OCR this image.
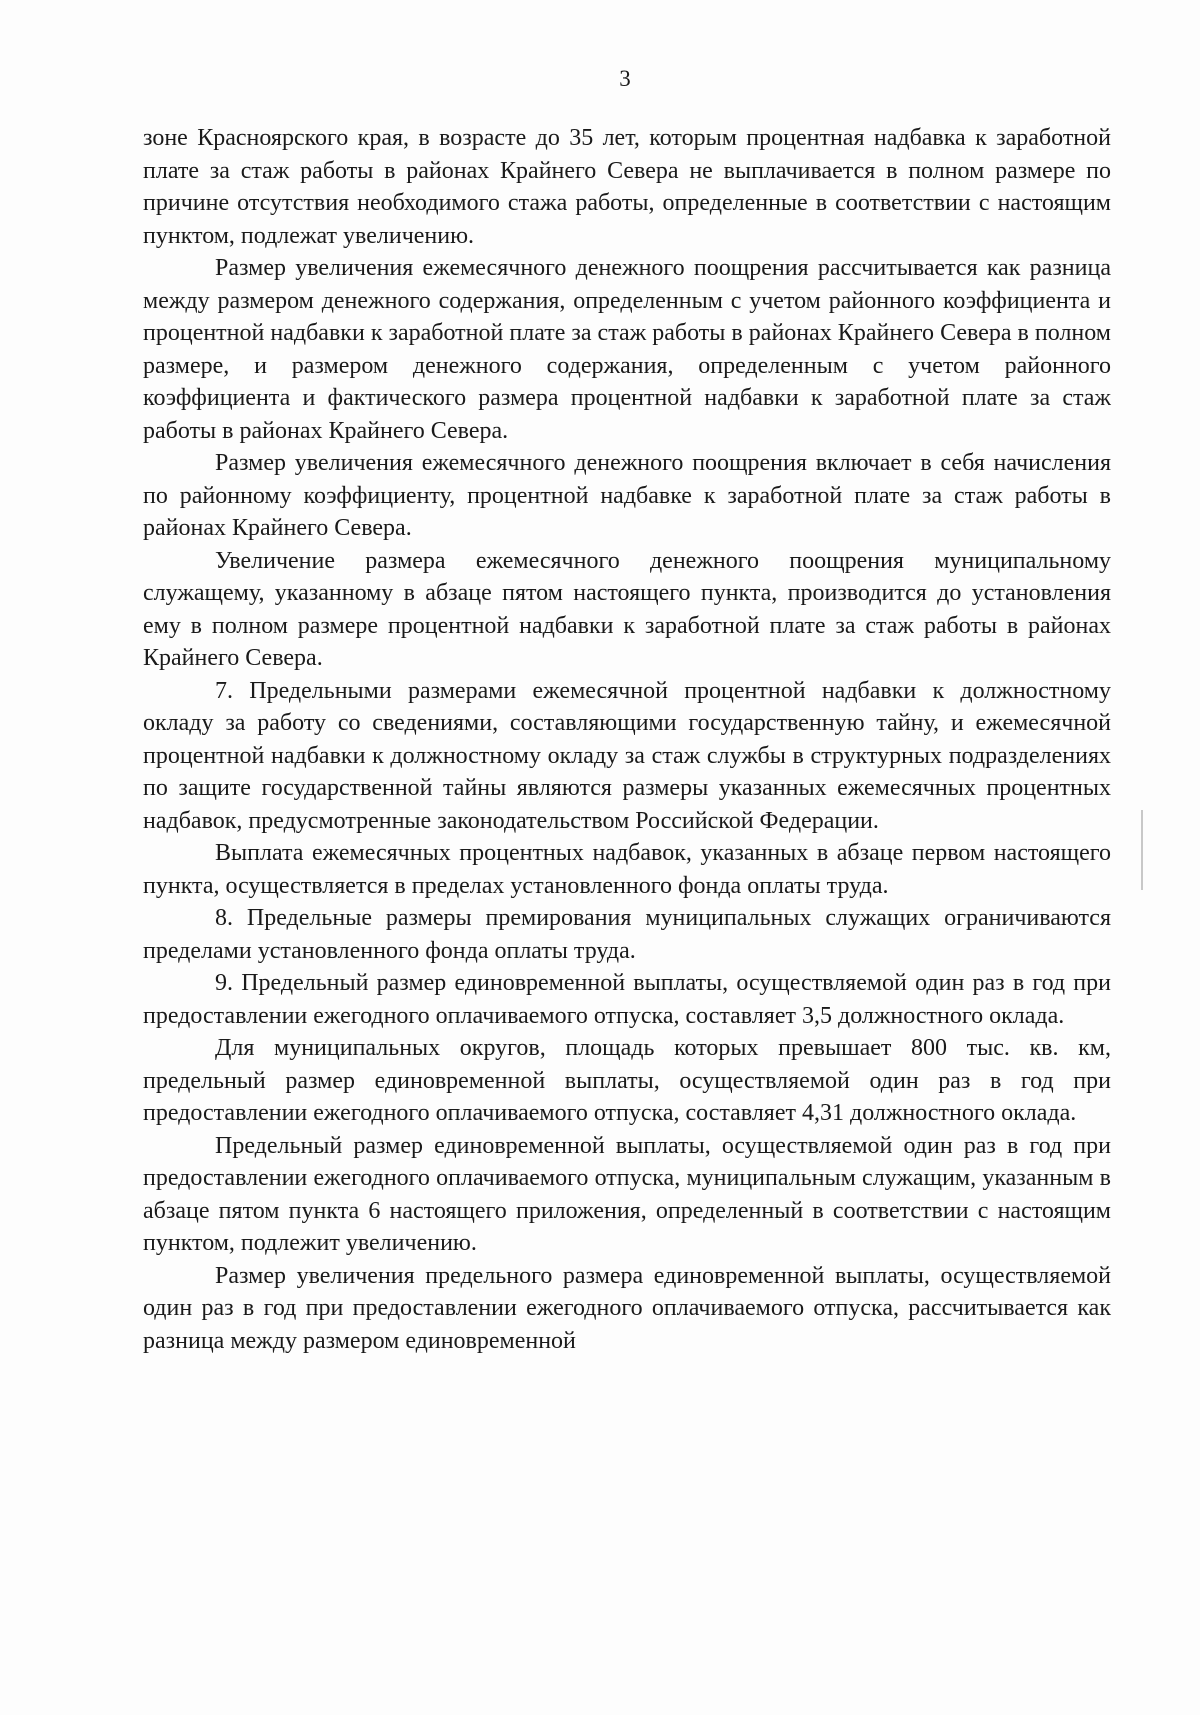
3

зоне Красноярского края, в возрасте до 35 лет, которым процентная надбавка к заработной плате за стаж работы в районах Крайнего Севера не выплачивается в полном размере по причине отсутствия необходимого стажа работы, определенные в соответствии с настоящим пунктом, подлежат увеличению.

Размер увеличения ежемесячного денежного поощрения рассчитывается как разница между размером денежного содержания, определенным с учетом районного коэффициента и процентной надбавки к заработной плате за стаж работы в районах Крайнего Севера в полном размере, и размером денежного содержания, определенным с учетом районного коэффициента и фактического размера процентной надбавки к заработной плате за стаж работы в районах Крайнего Севера.

Размер увеличения ежемесячного денежного поощрения включает в себя начисления по районному коэффициенту, процентной надбавке к заработной плате за стаж работы в районах Крайнего Севера.

Увеличение размера ежемесячного денежного поощрения муниципальному служащему, указанному в абзаце пятом настоящего пункта, производится до установления ему в полном размере процентной надбавки к заработной плате за стаж работы в районах Крайнего Севера.

7. Предельными размерами ежемесячной процентной надбавки к должностному окладу за работу со сведениями, составляющими государственную тайну, и ежемесячной процентной надбавки к должностному окладу за стаж службы в структурных подразделениях по защите государственной тайны являются размеры указанных ежемесячных процентных надбавок, предусмотренные законодательством Российской Федерации.

Выплата ежемесячных процентных надбавок, указанных в абзаце первом настоящего пункта, осуществляется в пределах установленного фонда оплаты труда.

8. Предельные размеры премирования муниципальных служащих ограничиваются пределами установленного фонда оплаты труда.

9. Предельный размер единовременной выплаты, осуществляемой один раз в год при предоставлении ежегодного оплачиваемого отпуска, составляет 3,5 должностного оклада.

Для муниципальных округов, площадь которых превышает 800 тыс. кв. км, предельный размер единовременной выплаты, осуществляемой один раз в год при предоставлении ежегодного оплачиваемого отпуска, составляет 4,31 должностного оклада.

Предельный размер единовременной выплаты, осуществляемой один раз в год при предоставлении ежегодного оплачиваемого отпуска, муниципальным служащим, указанным в абзаце пятом пункта 6 настоящего приложения, определенный в соответствии с настоящим пунктом, подлежит увеличению.

Размер увеличения предельного размера единовременной выплаты, осуществляемой один раз в год при предоставлении ежегодного оплачиваемого отпуска, рассчитывается как разница между размером единовременной
